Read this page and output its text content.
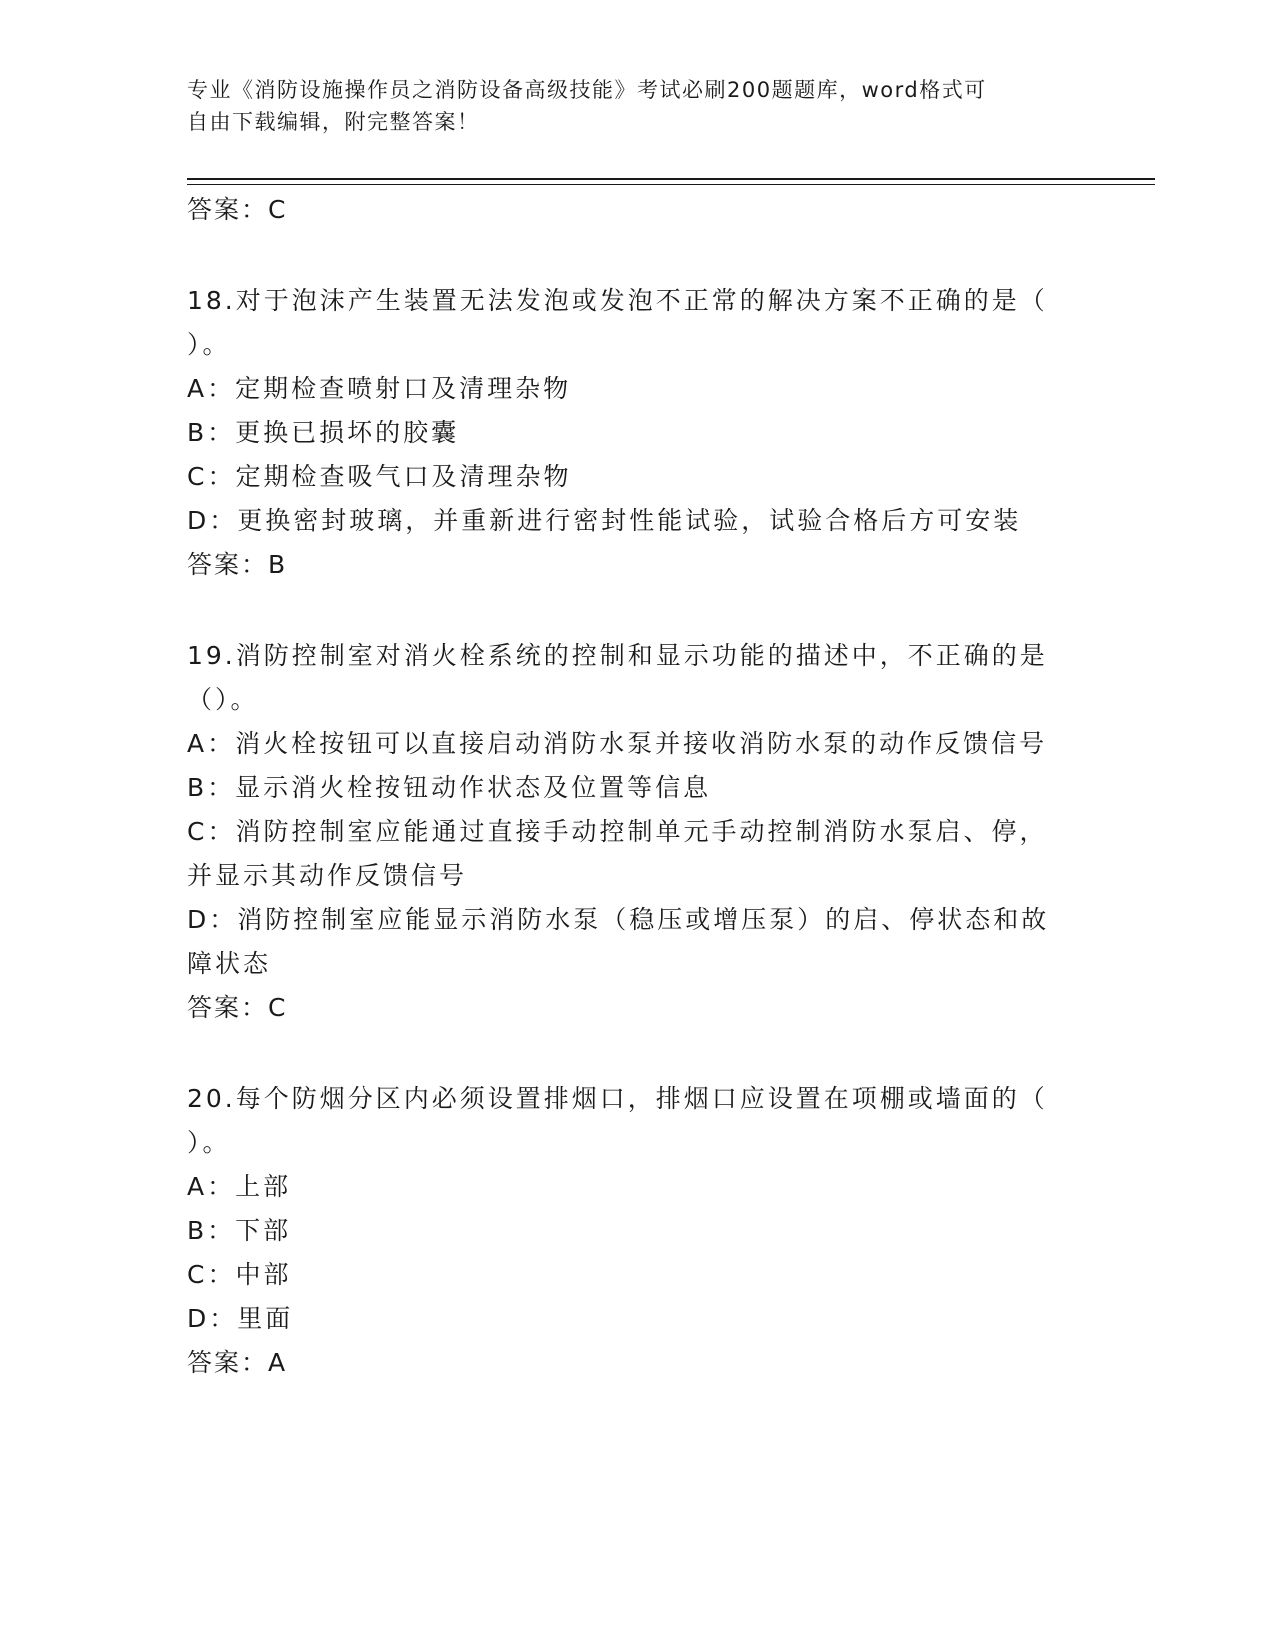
专业《消防设施操作员之消防设备高级技能》考试必刷200题题库，word格式可
自由下载编辑，附完整答案！
答案：C
18.对于泡沫产生装置无法发泡或发泡不正常的解决方案不正确的是（
）。
A：定期检查喷射口及清理杂物
B：更换已损坏的胶囊
C：定期检查吸气口及清理杂物
D：更换密封玻璃，并重新进行密封性能试验，试验合格后方可安装
答案：B
19.消防控制室对消火栓系统的控制和显示功能的描述中，不正确的是
（）。
A：消火栓按钮可以直接启动消防水泵并接收消防水泵的动作反馈信号
B：显示消火栓按钮动作状态及位置等信息
C：消防控制室应能通过直接手动控制单元手动控制消防水泵启、停，
并显示其动作反馈信号
D：消防控制室应能显示消防水泵（稳压或增压泵）的启、停状态和故
障状态
答案：C
20.每个防烟分区内必须设置排烟口，排烟口应设置在项棚或墙面的（
）。
A：上部
B：下部
C：中部
D：里面
答案：A
